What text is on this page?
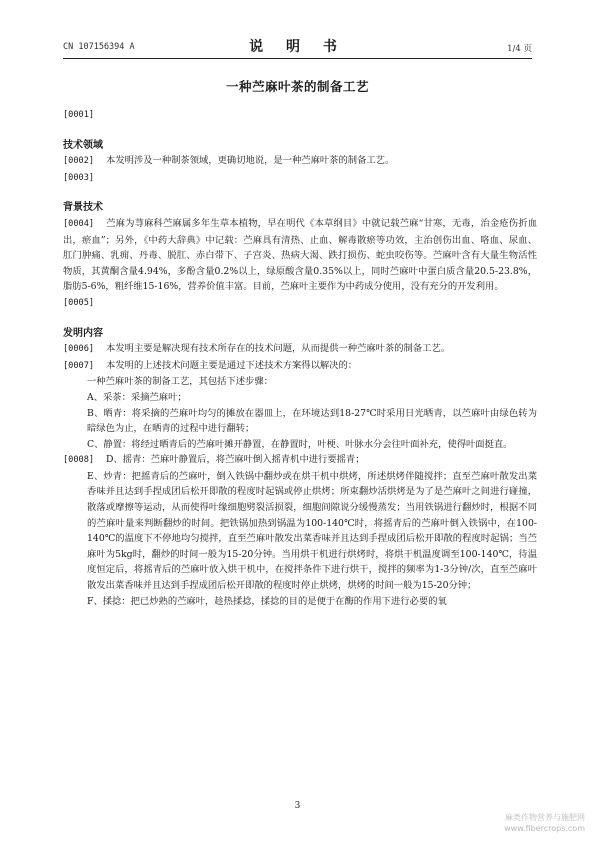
CN 107156394 A	说 明 书	1/4 页
一种苎麻叶茶的制备工艺

[0001]

技术领域

[0002] 本发明涉及一种制茶领域，更确切地说，是一种苎麻叶茶的制备工艺。

[0003]

背景技术

[0004] 苎麻为荨麻科苎麻属多年生草本植物，早在明代《本草纲目》中就记载苎麻“甘寒，无毒，治金疮伤折血出，瘀血”；另外，《中药大辞典》中记载：苎麻具有清热、止血、解毒散瘀等功效，主治创伤出血、咯血、尿血、肛门肿痛、乳痈、丹毒、脱肛、赤白带下、子宫炎、热病大渴、跌打损伤、蛇虫咬伤等。苎麻叶含有大量生物活性物质，其黄酮含量4.94%，多酚含量0.2%以上，绿原酸含量0.35%以上，同时苎麻叶中蛋白质含量20.5-23.8%，脂肪5-6%，粗纤维15-16%，营养价值丰富。目前，苎麻叶主要作为中药成分使用，没有充分的开发利用。

[0005]

发明内容

[0006] 本发明主要是解决现有技术所存在的技术问题，从而提供一种苎麻叶茶的制备工艺。

[0007] 本发明的上述技术问题主要是通过下述技术方案得以解决的：

一种苎麻叶茶的制备工艺，其包括下述步骤：

A、采茶：采摘苎麻叶；

B、晒青：将采摘的苎麻叶均匀的摊放在器皿上，在环境达到18-27℃时采用日光晒青，以苎麻叶由绿色转为暗绿色为止，在晒青的过程中进行翻转；

C、静置：将经过晒青后的苎麻叶摊开静置，在静置时，叶梗、叶脉水分会往叶面补充，使得叶面挺直。

[0008] D、摇青：苎麻叶静置后，将苎麻叶倒入摇青机中进行要摇青；

E、炒青：把摇青后的苎麻叶，倒入铁锅中翻炒或在烘干机中烘烤，所述烘烤伴随搅拌；直至苎麻叶散发出菜香味并且达到手捏成团后松开即散的程度时起锅或停止烘烤；所束翻炒活烘烤是为了是苎麻叶之间进行碰撞，散落或摩擦等运动，从而使得叶缘细胞劈裂活损裂，细胞间隙说分缓慢蒸发；当用铁锅进行翻炒时，根据不同的苎麻叶量来判断翻炒的时间。把铁锅加热到锅温为100-140℃时，将摇青后的苎麻叶倒入铁锅中，在100-140℃的温度下不停地均匀搅拌，直至苎麻叶散发出菜香味并且达到手捏成团后松开即散的程度时起锅；当苎麻叶为5kg时，翻炒的时间一般为15-20分钟。当用烘干机进行烘烤时，将烘干机温度调至100-140℃，待温度恒定后，将摇青后的苎麻叶放入烘干机中，在搅拌条件下进行烘干，搅拌的频率为1-3分钟/次，直至苎麻叶散发出菜香味并且达到手捏成团后松开即散的程度时停止烘烤，烘烤的时间一般为15-20分钟；

F、揉捻：把已炒熟的苎麻叶，趁热揉捻，揉捻的目的是便于在酶的作用下进行必要的氧

3
麻类作物营养与施肥网
www.fibercrops.com
